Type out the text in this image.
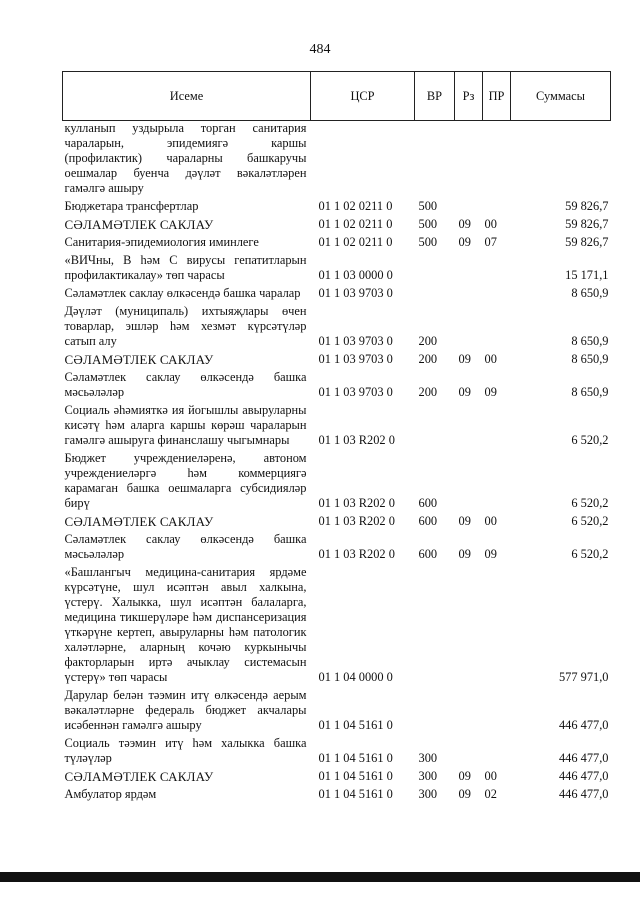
484
Исеме	ЦСР	ВР	Рз	ПР	Суммасы
кулланып уздырыла торган санитария чараларын, эпидемиягә каршы (профилактик) чараларны башкаручы оешмалар буенча дәүләт вәкаләтләрен гамәлгә ашыру					
Бюджетара трансфертлар	01 1 02 0211 0	500			59 826,7
СӘЛАМӘТЛЕК САКЛАУ	01 1 02 0211 0	500	09	00	59 826,7
Санитария-эпидемиология иминлеге	01 1 02 0211 0	500	09	07	59 826,7
«ВИЧны, В һәм С вирусы гепатитларын профилактикалау» төп чарасы	01 1 03 0000 0				15 171,1
Сәламәтлек саклау өлкәсендә башка чаралар	01 1 03 9703 0				8 650,9
Дәүләт (муниципаль) ихтыяҗлары өчен товарлар, эшләр һәм хезмәт күрсәтүләр сатып алу	01 1 03 9703 0	200			8 650,9
СӘЛАМӘТЛЕК САКЛАУ	01 1 03 9703 0	200	09	00	8 650,9
Сәламәтлек саклау өлкәсендә башка мәсьәләләр	01 1 03 9703 0	200	09	09	8 650,9
Социаль әһәмияткә ия йогышлы авыруларны кисәтү һәм аларга каршы көрәш чараларын гамәлгә ашыруга финанслашу чыгымнары	01 1 03 R202 0				6 520,2
Бюджет учреждениеләренә, автоном учреждениеләргә һәм коммерциягә карамаган башка оешмаларга субсидияләр бирү	01 1 03 R202 0	600			6 520,2
СӘЛАМӘТЛЕК САКЛАУ	01 1 03 R202 0	600	09	00	6 520,2
Сәламәтлек саклау өлкәсендә башка мәсьәләләр	01 1 03 R202 0	600	09	09	6 520,2
«Башлангыч медицина-санитария ярдәме күрсәтүне, шул исәптән авыл халкына, үстерү. Халыкка, шул исәптән балаларга, медицина тикшерүләре һәм диспансеризация үткәрүне кертеп, авыруларны һәм патологик халәтләрне, аларның кочәю куркынычы факторларын иртә ачыклау системасын үстерү» төп чарасы	01 1 04 0000 0				577 971,0
Дарулар белән тәэмин итү өлкәсендә аерым вәкаләтләрне федераль бюджет акчалары исәбеннән гамәлгә ашыру	01 1 04 5161 0				446 477,0
Социаль тәэмин итү һәм халыкка башка түләүләр	01 1 04 5161 0	300			446 477,0
СӘЛАМӘТЛЕК САКЛАУ	01 1 04 5161 0	300	09	00	446 477,0
Амбулатор ярдәм	01 1 04 5161 0	300	09	02	446 477,0
